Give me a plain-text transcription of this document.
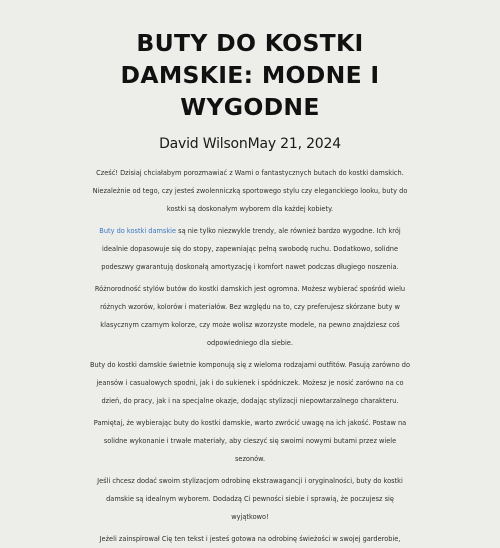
BUTY DO KOSTKI DAMSKIE: MODNE I WYGODNE
David WilsonMay 21, 2024

Cześć! Dzisiaj chciałabym porozmawiać z Wami o fantastycznych butach do kostki damskich. Niezależnie od tego, czy jesteś zwolenniczką sportowego stylu czy eleganckiego looku, buty do kostki są doskonałym wyborem dla każdej kobiety.

Buty do kostki damskie są nie tylko niezwykle trendy, ale również bardzo wygodne. Ich krój idealnie dopasowuje się do stopy, zapewniając pełną swobodę ruchu. Dodatkowo, solidne podeszwy gwarantują doskonałą amortyzację i komfort nawet podczas długiego noszenia.

Różnorodność stylów butów do kostki damskich jest ogromna. Możesz wybierać spośród wielu różnych wzorów, kolorów i materiałów. Bez względu na to, czy preferujesz skórzane buty w klasycznym czarnym kolorze, czy może wolisz wzorzyste modele, na pewno znajdziesz coś odpowiedniego dla siebie.

Buty do kostki damskie świetnie komponują się z wieloma rodzajami outfitów. Pasują zarówno do jeansów i casualowych spodni, jak i do sukienek i spódniczek. Możesz je nosić zarówno na co dzień, do pracy, jak i na specjalne okazje, dodając stylizacji niepowtarzalnego charakteru.

Pamiętaj, że wybierając buty do kostki damskie, warto zwrócić uwagę na ich jakość. Postaw na solidne wykonanie i trwałe materiały, aby cieszyć się swoimi nowymi butami przez wiele sezonów.

Jeśli chcesz dodać swoim stylizacjom odrobinę ekstrawagancji i oryginalności, buty do kostki damskie są idealnym wyborem. Dodadzą Ci pewności siebie i sprawią, że poczujesz się wyjątkowo!

Jeżeli zainspirował Cię ten tekst i jesteś gotowa na odrobinę świeżości w swojej garderobie,
